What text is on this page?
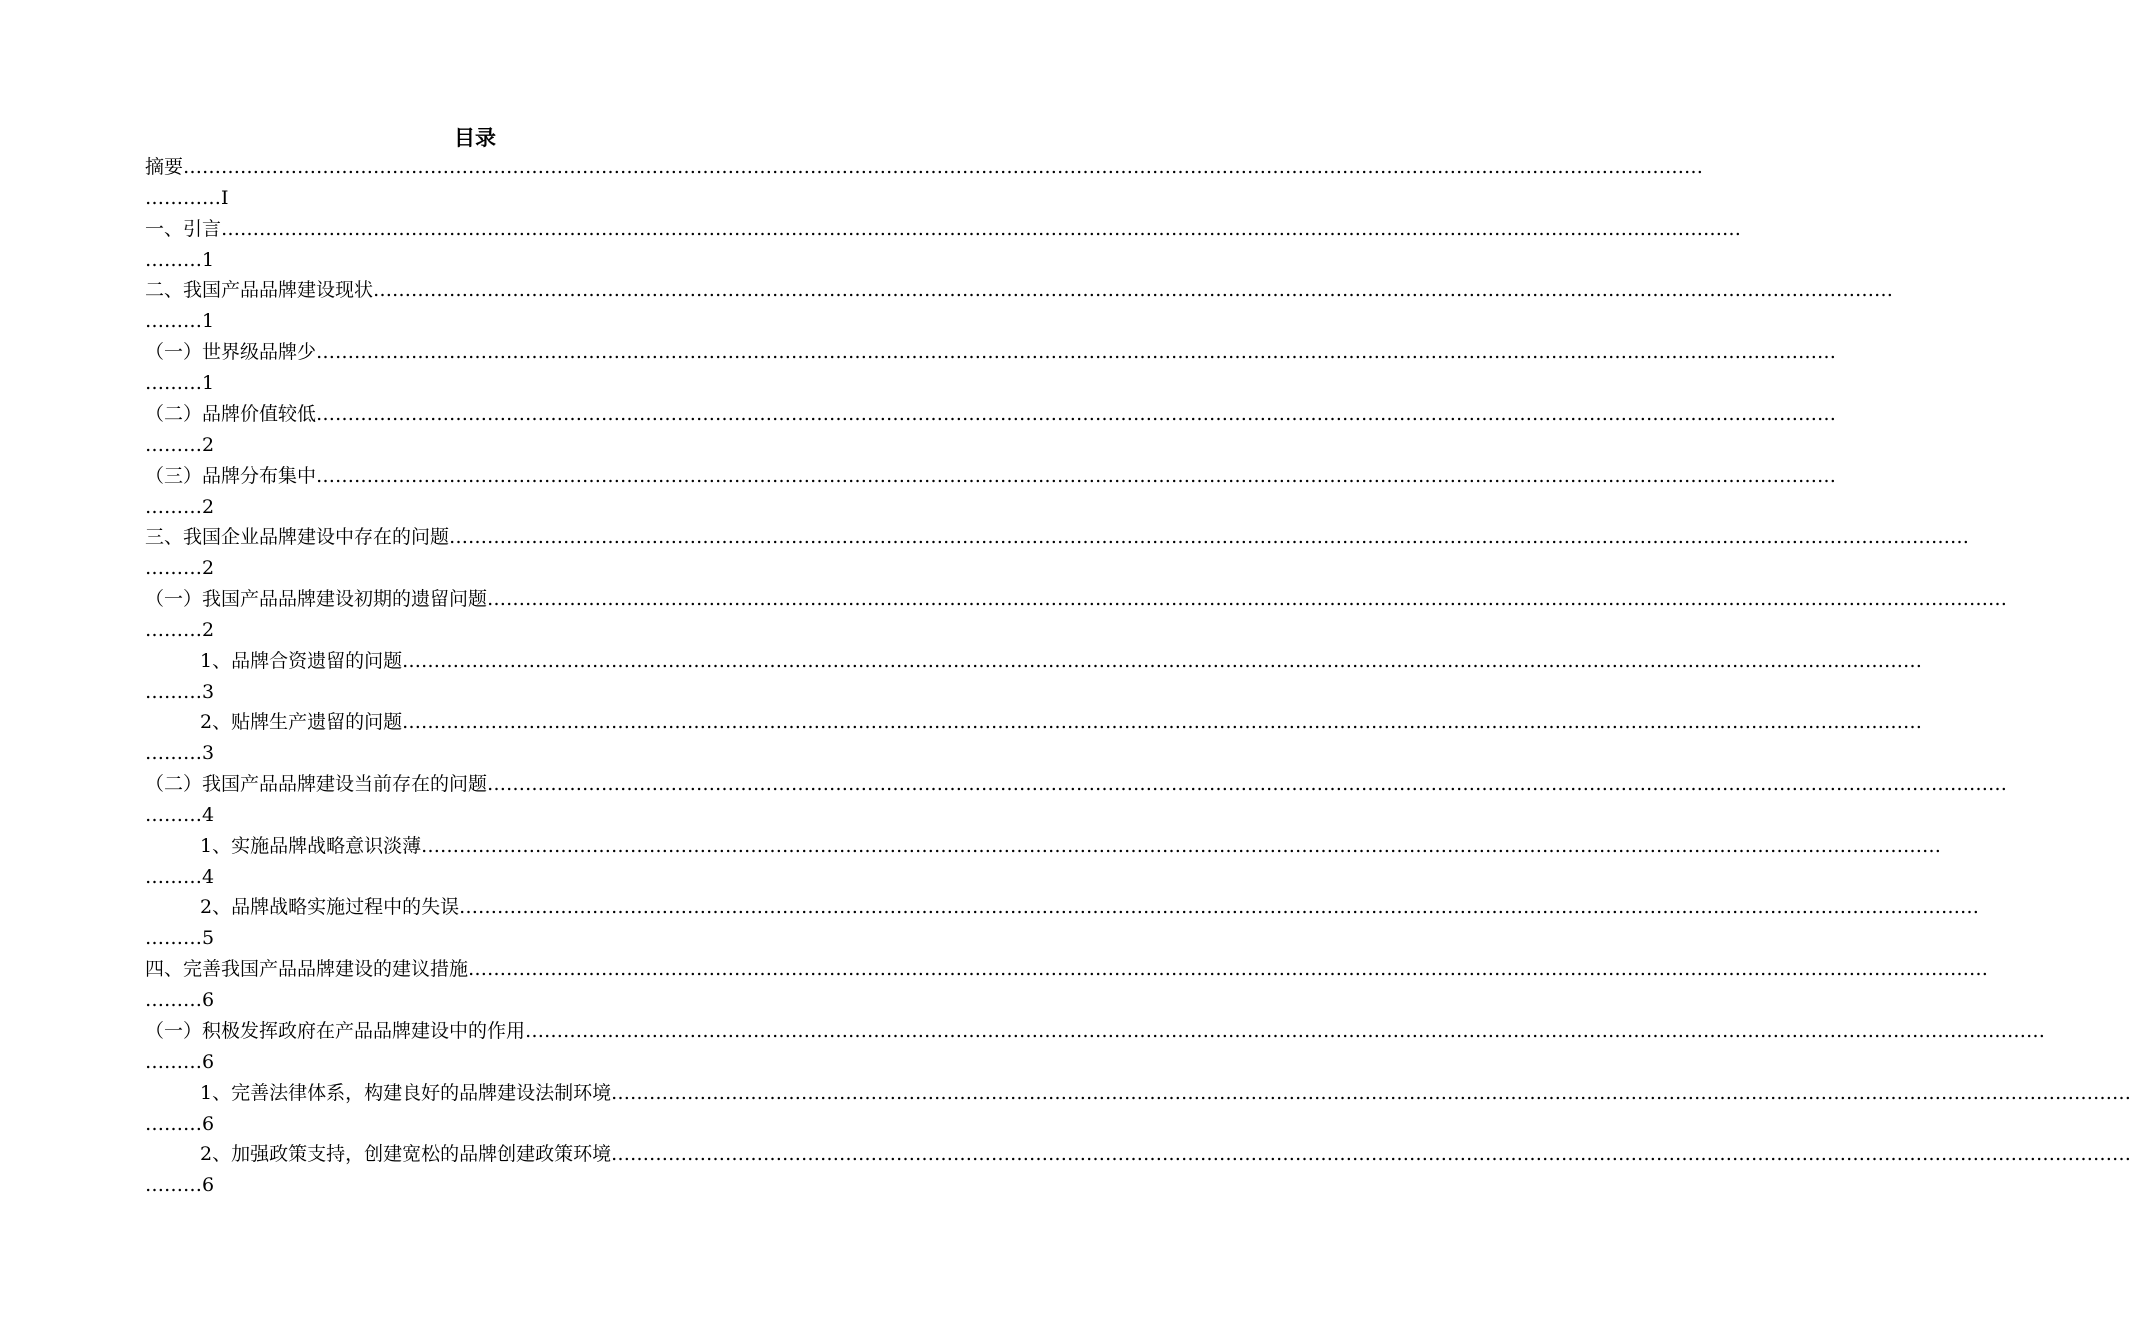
目录
摘要 ……………………………………………………………………………………………………………………………………………………………………………………………………………………
…………I
一、引言 ……………………………………………………………………………………………………………………………………………………………………………………………………………………
………1
二、我国产品品牌建设现状 ……………………………………………………………………………………………………………………………………………………………………………………………………………………
………1
（一）世界级品牌少 ……………………………………………………………………………………………………………………………………………………………………………………………………………………
………1
（二）品牌价值较低 ……………………………………………………………………………………………………………………………………………………………………………………………………………………
………2
（三）品牌分布集中 ……………………………………………………………………………………………………………………………………………………………………………………………………………………
………2
三、我国企业品牌建设中存在的问题 ……………………………………………………………………………………………………………………………………………………………………………………………………………………
………2
（一）我国产品品牌建设初期的遗留问题 ……………………………………………………………………………………………………………………………………………………………………………………………………………………
………2
1、品牌合资遗留的问题 ……………………………………………………………………………………………………………………………………………………………………………………………………………………
………3
2、贴牌生产遗留的问题 ……………………………………………………………………………………………………………………………………………………………………………………………………………………
………3
（二）我国产品品牌建设当前存在的问题 ……………………………………………………………………………………………………………………………………………………………………………………………………………………
………4
1、实施品牌战略意识淡薄 ……………………………………………………………………………………………………………………………………………………………………………………………………………………
………4
2、品牌战略实施过程中的失误 ……………………………………………………………………………………………………………………………………………………………………………………………………………………
………5
四、完善我国产品品牌建设的建议措施 ……………………………………………………………………………………………………………………………………………………………………………………………………………………
………6
（一）积极发挥政府在产品品牌建设中的作用 ……………………………………………………………………………………………………………………………………………………………………………………………………………………
………6
1、完善法律体系，构建良好的品牌建设法制环境 ……………………………………………………………………………………………………………………………………………………………………………………………………………………
………6
2、加强政策支持，创建宽松的品牌创建政策环境 ……………………………………………………………………………………………………………………………………………………………………………………………………………………
………6
